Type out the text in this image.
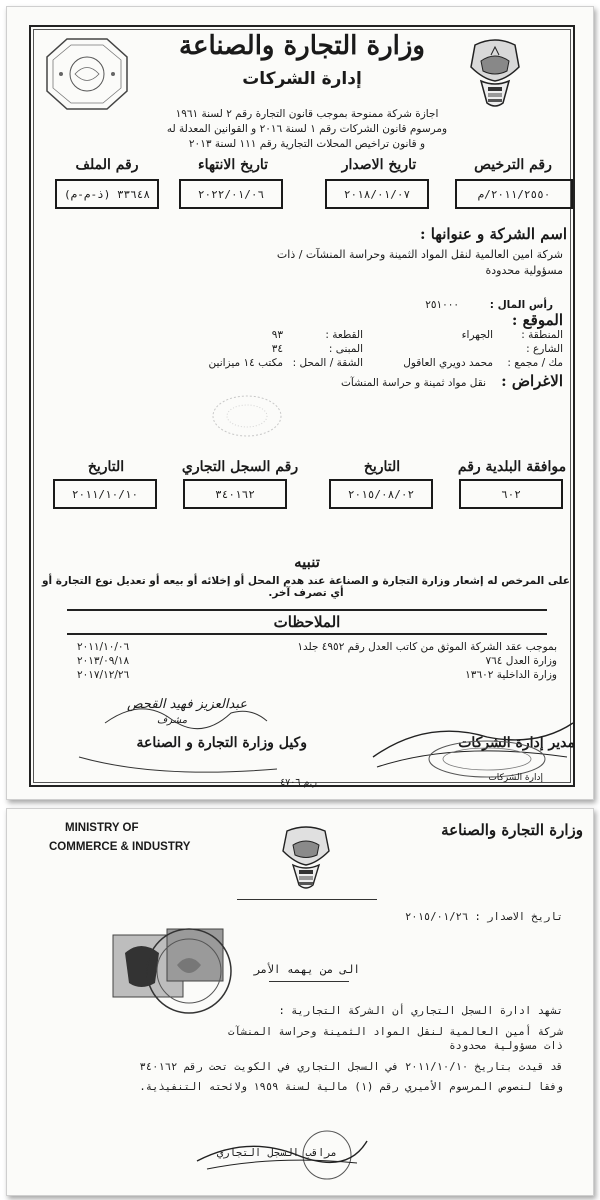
وزارة التجارة والصناعة
إدارة الشركات
اجازة شركة ممنوحة بموجب قانون التجارة رقم ٢ لسنة ١٩٦١
ومرسوم قانون الشركات رقم ١ لسنة ٢٠١٦ و القوانين المعدلة له
و قانون تراخيص المحلات التجارية رقم ١١١ لسنة ٢٠١٣
رقم الترخيص
تاريخ الاصدار
تاريخ الانتهاء
رقم الملف
٢٠١١/٢٥٥٠/م
٢٠١٨/٠١/٠٧
٢٠٢٢/٠١/٠٦
٣٣٦٤٨ (ذ-م-م)
اسم الشركة و عنوانها :
شركة امين العالمية لنقل المواد الثمينة وحراسة المنشآت / ذات
مسؤولية محدودة
رأس المال :  ٢٥١٠٠٠
الموقع :
المنطقة :
الجهراء
القطعة :
٩٣
الشارع :
المبنى :
٣٤
مك / مجمع :
محمد دويري العاقول
الشقة / المحل :
مكتب ١٤ ميزانين
الاغراض : نقل مواد ثمينة و حراسة المنشآت
موافقة البلدية رقم
التاريخ
رقم السجل التجاري
التاريخ
٦٠٢
٢٠١٥/٠٨/٠٢
٣٤٠١٦٢
٢٠١١/١٠/١٠
تنبيه
على المرخص له إشعار وزارة التجارة و الصناعة عند هدم المحل أو إخلائه أو بيعه أو تعديل نوع التجارة أو أي تصرف آخر.
الملاحظات
بموجب عقد الشركة الموثق من كاتب العدل رقم ٤٩٥٢ جلد١
٢٠١١/١٠/٠٦
وزارة العدل ٧٦٤
٢٠١٣/٠٩/١٨
وزارة الداخلية ١٣٦٠٢
٢٠١٧/١٢/٢٦
عبدالعزيز فهيد القحص
مشرف
وكيل وزارة التجارة و الصناعة	مدير إدارة الشركات
إدارة الشركات
ر.م ٤٧٠٦
MINISTRY OF
COMMERCE & INDUSTRY
وزارة التجارة والصناعة
تاريخ الاصدار : ٢٠١٥/٠١/٢٦
الى من يهمه الأمر
تشهد ادارة السجل التجاري أن الشركة التجارية :
شركة أمين العالمية لنقل المواد الثمينة وحراسة المنشآت
ذات مسؤولية محدودة
قد قيدت بتاريخ ٢٠١١/١٠/١٠ في السجل التجاري في الكويت تحت رقم ٣٤٠١٦٢
وفقا لنصوص المرسوم الأميري رقم (١) مالية لسنة ١٩٥٩ ولائحته التنفيذية.
مراقب السجل التجاري
